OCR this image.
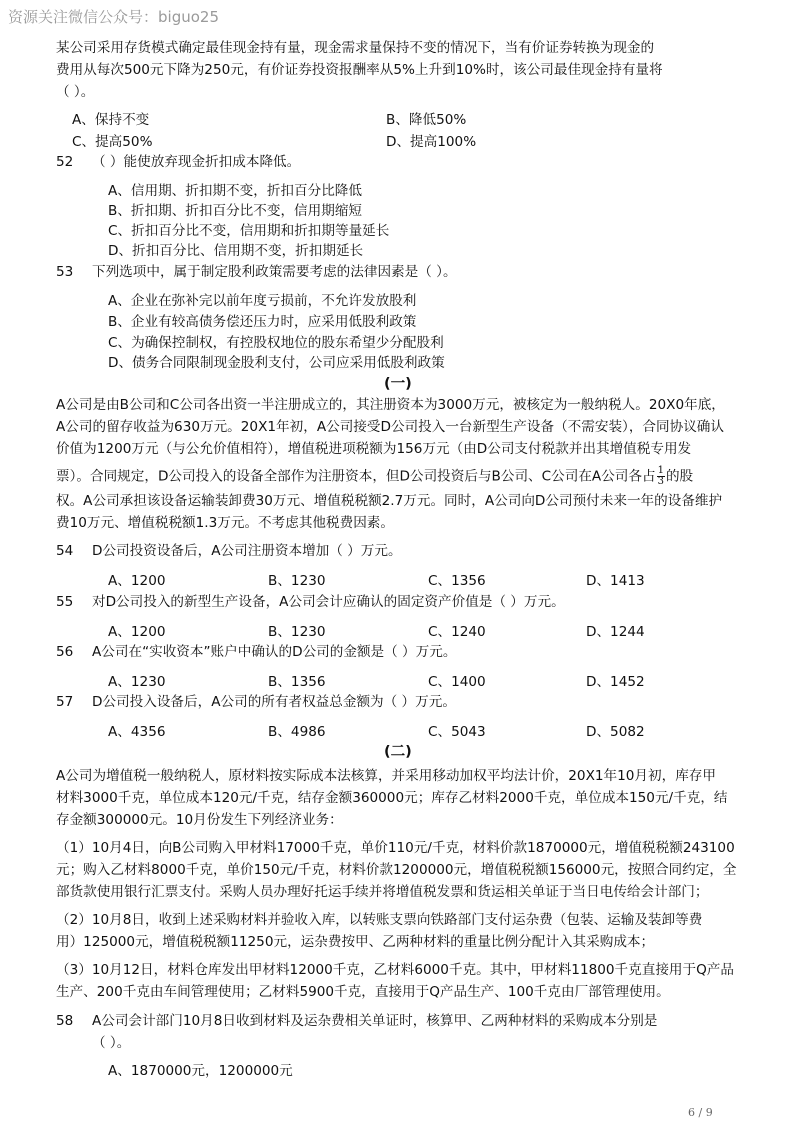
资源关注微信公众号：biguo25
某公司采用存货模式确定最佳现金持有量，现金需求量保持不变的情况下，当有价证券转换为现金的
费用从每次500元下降为250元，有价证券投资报酬率从5%上升到10%时，该公司最佳现金持有量将
（ ）。
A、保持不变	B、降低50%
C、提高50%	D、提高100%
52 （ ）能使放弃现金折扣成本降低。
A、信用期、折扣期不变，折扣百分比降低
B、折扣期、折扣百分比不变，信用期缩短
C、折扣百分比不变，信用期和折扣期等量延长
D、折扣百分比、信用期不变，折扣期延长
53 下列选项中，属于制定股利政策需要考虑的法律因素是（ ）。
A、企业在弥补完以前年度亏损前，不允许发放股利
B、企业有较高债务偿还压力时，应采用低股利政策
C、为确保控制权，有控股权地位的股东希望少分配股利
D、债务合同限制现金股利支付，公司应采用低股利政策
(一)
A公司是由B公司和C公司各出资一半注册成立的，其注册资本为3000万元，被核定为一般纳税人。20X0年底，
A公司的留存收益为630万元。20X1年初，A公司接受D公司投入一台新型生产设备（不需安装），合同协议确认
价值为1200万元（与公允价值相符），增值税进项税额为156万元（由D公司支付税款并出其增值税专用发
票）。合同规定，D公司投入的设备全部作为注册资本，但D公司投资后与B公司、C公司在A公司各占 $\frac{1}{3}$ 的股
权。A公司承担该设备运输装卸费30万元、增值税税额2.7万元。同时，A公司向D公司预付未来一年的设备维护
费10万元、增值税税额1.3万元。不考虑其他税费因素。
54 D公司投资设备后，A公司注册资本增加（ ）万元。
A、1200	B、1230	C、1356	D、1413
55 对D公司投入的新型生产设备，A公司会计应确认的固定资产价值是（ ）万元。
A、1200	B、1230	C、1240	D、1244
56 A公司在“实收资本”账户中确认的D公司的金额是（ ）万元。
A、1230	B、1356	C、1400	D、1452
57 D公司投入设备后，A公司的所有者权益总金额为（ ）万元。
A、4356	B、4986	C、5043	D、5082
(二)
A公司为增值税一般纳税人，原材料按实际成本法核算，并采用移动加权平均法计价，20X1年10月初，库存甲
材料3000千克，单位成本120元/千克，结存金额360000元；库存乙材料2000千克，单位成本150元/千克，结
存金额300000元。10月份发生下列经济业务：
（1）10月4日，向B公司购入甲材料17000千克，单价110元/千克，材料价款1870000元，增值税税额243100
元；购入乙材料8000千克，单价150元/千克，材料价款1200000元，增值税税额156000元，按照合同约定，全
部货款使用银行汇票支付。采购人员办理好托运手续并将增值税发票和货运相关单证于当日电传给会计部门；
（2）10月8日，收到上述采购材料并验收入库，以转账支票向铁路部门支付运杂费（包装、运输及装卸等费
用）125000元，增值税税额11250元，运杂费按甲、乙两种材料的重量比例分配计入其采购成本；
（3）10月12日，材料仓库发出甲材料12000千克，乙材料6000千克。其中，甲材料11800千克直接用于Q产品
生产、200千克由车间管理使用；乙材料5900千克，直接用于Q产品生产、100千克由厂部管理使用。
58 A公司会计部门10月8日收到材料及运杂费相关单证时，核算甲、乙两种材料的采购成本分别是
（ ）。
A、1870000元，1200000元
6 / 9
